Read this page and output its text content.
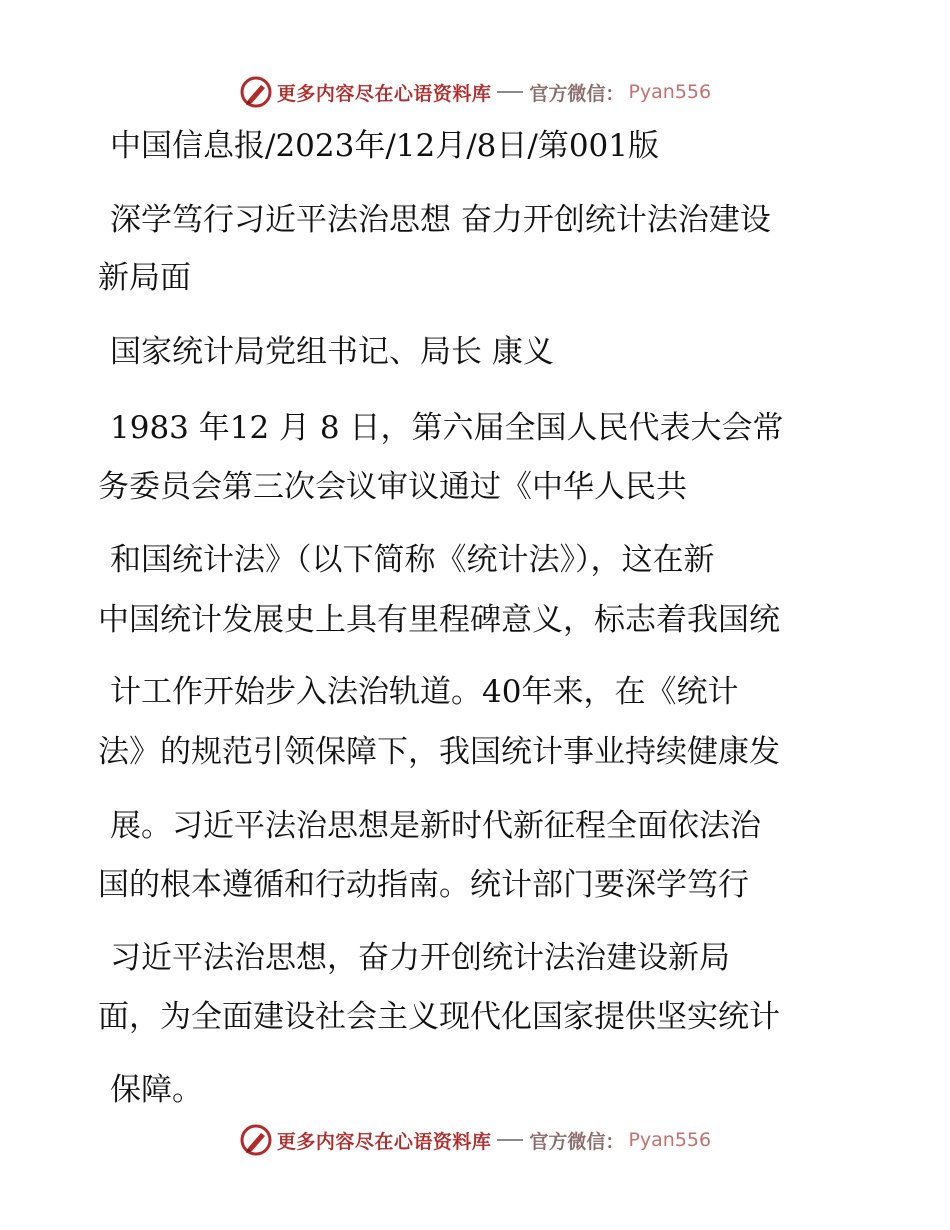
更多内容尽在心语资料库 官方微信： Pyan556
中国信息报/2023年/12月/8日/第001版
深学笃行习近平法治思想 奋力开创统计法治建设
新局面
国家统计局党组书记、局长 康义
1983 年12 月 8 日，第六届全国人民代表大会常
务委员会第三次会议审议通过《中华人民共
和国统计法》（以下简称《统计法》），这在新
中国统计发展史上具有里程碑意义，标志着我国统
计工作开始步入法治轨道。40年来，在《统计
法》的规范引领保障下，我国统计事业持续健康发
展。习近平法治思想是新时代新征程全面依法治
国的根本遵循和行动指南。统计部门要深学笃行
习近平法治思想，奋力开创统计法治建设新局
面，为全面建设社会主义现代化国家提供坚实统计
保障。
更多内容尽在心语资料库 官方微信： Pyan556
